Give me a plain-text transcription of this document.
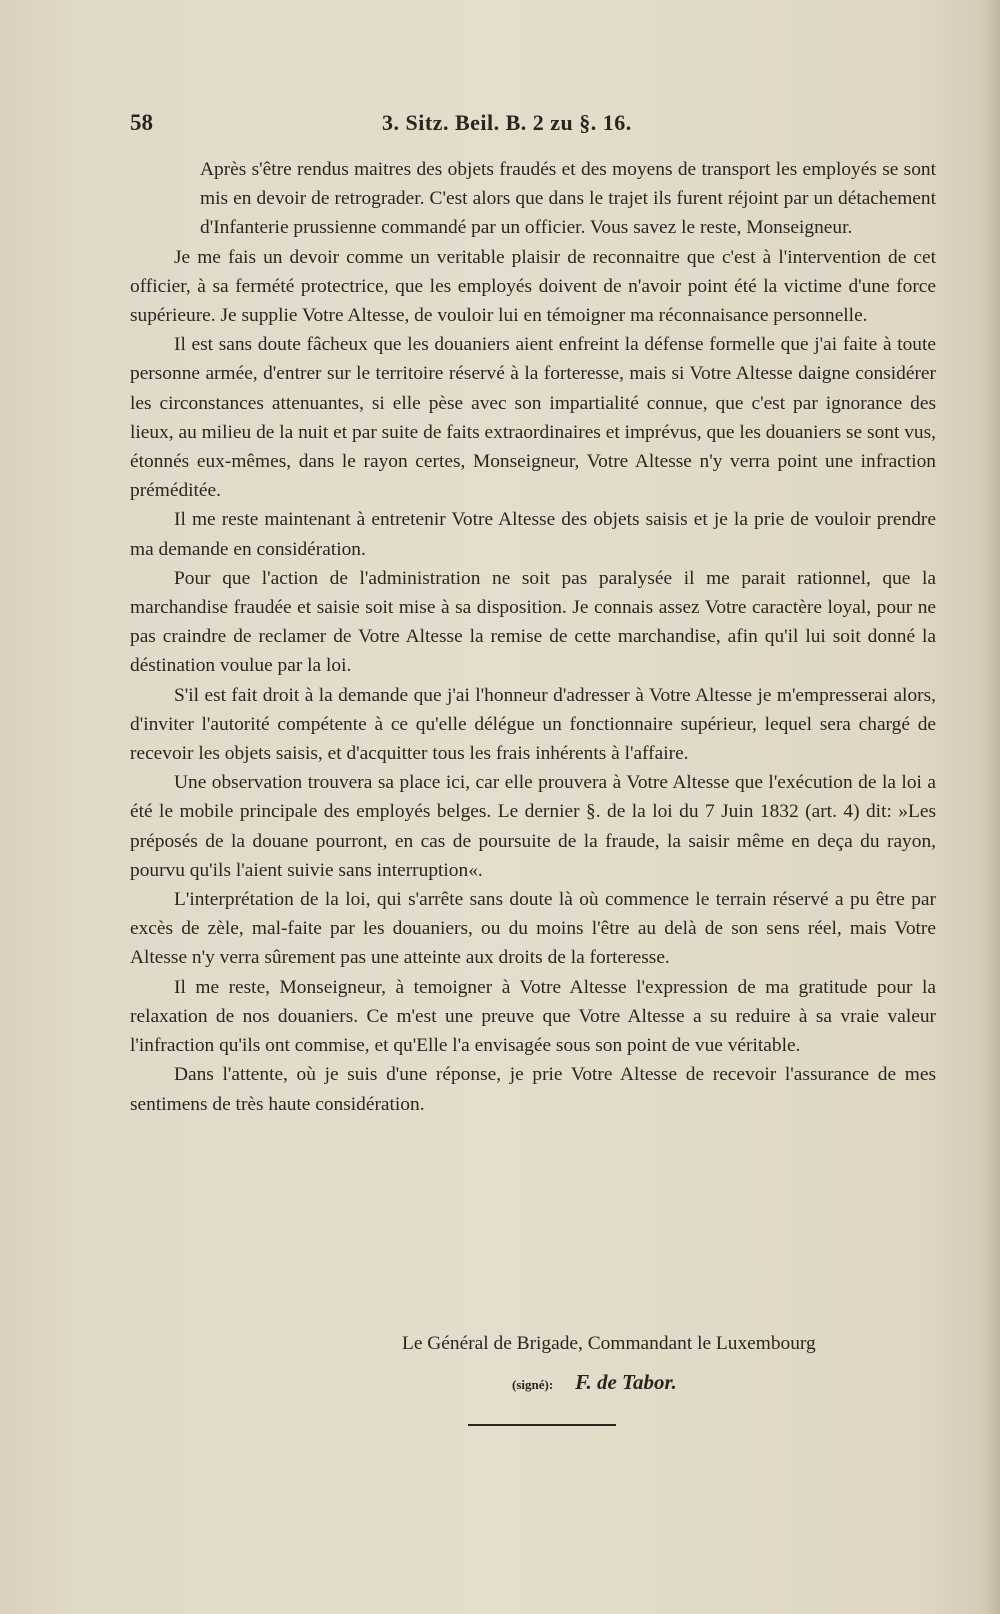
58	3. Sitz. Beil. B. 2 zu §. 16.

Après s'être rendus maitres des objets fraudés et des moyens de transport les employés se sont mis en devoir de retrograder. C'est alors que dans le trajet ils furent réjoint par un détachement d'Infanterie prussienne commandé par un officier. Vous savez le reste, Monseigneur.

Je me fais un devoir comme un veritable plaisir de reconnaitre que c'est à l'intervention de cet officier, à sa fermété protectrice, que les employés doivent de n'avoir point été la victime d'une force supérieure. Je supplie Votre Altesse, de vouloir lui en témoigner ma réconnaisance personnelle.

Il est sans doute fâcheux que les douaniers aient enfreint la défense formelle que j'ai faite à toute personne armée, d'entrer sur le territoire réservé à la forteresse, mais si Votre Altesse daigne considérer les circonstances attenuantes, si elle pèse avec son impartialité connue, que c'est par ignorance des lieux, au milieu de la nuit et par suite de faits extraordinaires et imprévus, que les douaniers se sont vus, étonnés eux-mêmes, dans le rayon certes, Monseigneur, Votre Altesse n'y verra point une infraction préméditée.

Il me reste maintenant à entretenir Votre Altesse des objets saisis et je la prie de vouloir prendre ma demande en considération.

Pour que l'action de l'administration ne soit pas paralysée il me parait rationnel, que la marchandise fraudée et saisie soit mise à sa disposition. Je connais assez Votre caractère loyal, pour ne pas craindre de reclamer de Votre Altesse la remise de cette marchandise, afin qu'il lui soit donné la déstination voulue par la loi.

S'il est fait droit à la demande que j'ai l'honneur d'adresser à Votre Altesse je m'empresserai alors, d'inviter l'autorité compétente à ce qu'elle délégue un fonctionnaire supérieur, lequel sera chargé de recevoir les objets saisis, et d'acquitter tous les frais inhérents à l'affaire.

Une observation trouvera sa place ici, car elle prouvera à Votre Altesse que l'exécution de la loi a été le mobile principale des employés belges. Le dernier §. de la loi du 7 Juin 1832 (art. 4) dit: »Les préposés de la douane pourront, en cas de poursuite de la fraude, la saisir même en deça du rayon, pourvu qu'ils l'aient suivie sans interruption«.

L'interprétation de la loi, qui s'arrête sans doute là où commence le terrain réservé a pu être par excès de zèle, mal-faite par les douaniers, ou du moins l'être au delà de son sens réel, mais Votre Altesse n'y verra sûrement pas une atteinte aux droits de la forteresse.

Il me reste, Monseigneur, à temoigner à Votre Altesse l'expression de ma gratitude pour la relaxation de nos douaniers. Ce m'est une preuve que Votre Altesse a su reduire à sa vraie valeur l'infraction qu'ils ont commise, et qu'Elle l'a envisagée sous son point de vue véritable.

Dans l'attente, où je suis d'une réponse, je prie Votre Altesse de recevoir l'assurance de mes sentimens de très haute considération.

Le Général de Brigade, Commandant le Luxembourg
(signé): F. de Tabor.
